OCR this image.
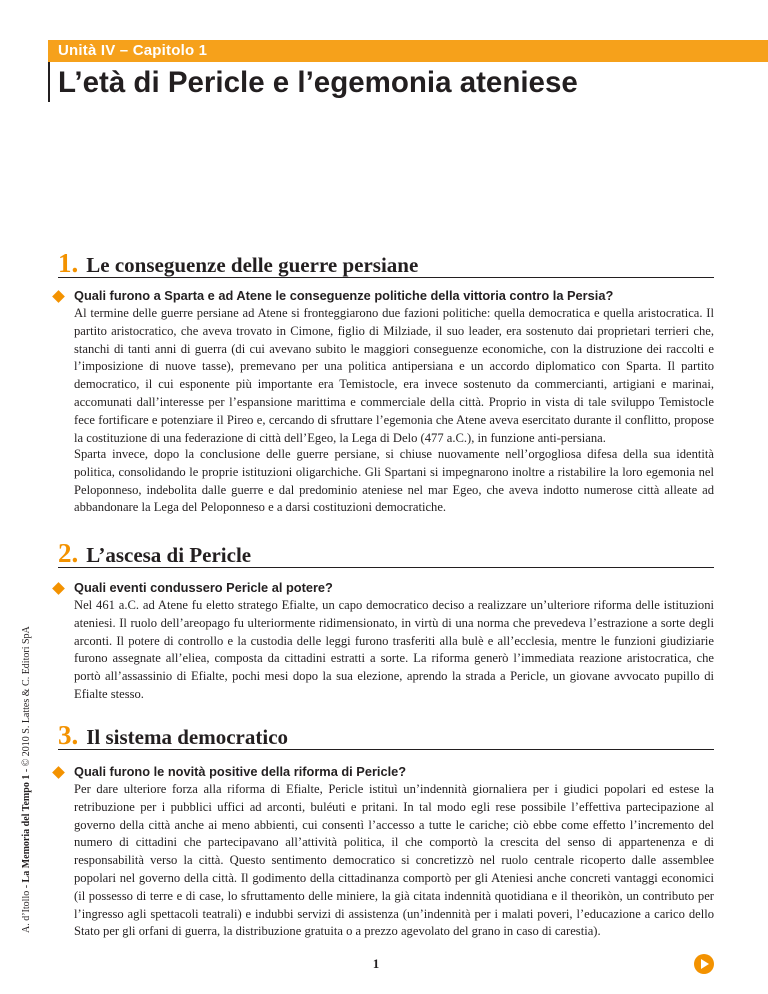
Unità IV – Capitolo 1
L’età di Pericle e l’egemonia ateniese
A. d’Itollo - La Memoria del Tempo 1 - © 2010 S. Lattes & C. Editori SpA
1. Le conseguenze delle guerre persiane
Quali furono a Sparta e ad Atene le conseguenze politiche della vittoria contro la Persia?

Al termine delle guerre persiane ad Atene si fronteggiarono due fazioni politiche: quella democratica e quella aristocratica. Il partito aristocratico, che aveva trovato in Cimone, figlio di Milziade, il suo leader, era sostenuto dai proprietari terrieri che, stanchi di tanti anni di guerra (di cui avevano subito le maggiori conseguenze economiche, con la distruzione dei raccolti e l’imposizione di nuove tasse), premevano per una politica antipersiana e un accordo diplomatico con Sparta. Il partito democratico, il cui esponente più importante era Temistocle, era invece sostenuto da commercianti, artigiani e marinai, accomunati dall’interesse per l’espansione marittima e commerciale della città. Proprio in vista di tale sviluppo Temistocle fece fortificare e potenziare il Pireo e, cercando di sfruttare l’egemonia che Atene aveva esercitato durante il conflitto, propose la costituzione di una federazione di città dell’Egeo, la Lega di Delo (477 a.C.), in funzione anti-persiana.

Sparta invece, dopo la conclusione delle guerre persiane, si chiuse nuovamente nell’orgogliosa difesa della sua identità politica, consolidando le proprie istituzioni oligarchiche. Gli Spartani si impegnarono inoltre a ristabilire la loro egemonia nel Peloponneso, indebolita dalle guerre e dal predominio ateniese nel mar Egeo, che aveva indotto numerose città alleate ad abbandonare la Lega del Peloponneso e a darsi costituzioni democratiche.

2. L’ascesa di Pericle
Quali eventi condussero Pericle al potere?

Nel 461 a.C. ad Atene fu eletto stratego Efialte, un capo democratico deciso a realizzare un’ulteriore riforma delle istituzioni ateniesi. Il ruolo dell’areopago fu ulteriormente ridimensionato, in virtù di una norma che prevedeva l’estrazione a sorte degli arconti. Il potere di controllo e la custodia delle leggi furono trasferiti alla bulè e all’ecclesia, mentre le funzioni giudiziarie furono assegnate all’eliea, composta da cittadini estratti a sorte. La riforma generò l’immediata reazione aristocratica, che portò all’assassinio di Efialte, pochi mesi dopo la sua elezione, aprendo la strada a Pericle, un giovane avvocato pupillo di Efialte stesso.

3. Il sistema democratico
Quali furono le novità positive della riforma di Pericle?

Per dare ulteriore forza alla riforma di Efialte, Pericle istituì un’indennità giornaliera per i giudici popolari ed estese la retribuzione per i pubblici uffici ad arconti, buléuti e pritani. In tal modo egli rese possibile l’effettiva partecipazione al governo della città anche ai meno abbienti, cui consentì l’accesso a tutte le cariche; ciò ebbe come effetto l’incremento del numero di cittadini che partecipavano all’attività politica, il che comportò la crescita del senso di appartenenza e di responsabilità verso la città. Questo sentimento democratico si concretizzò nel ruolo centrale ricoperto dalle assemblee popolari nel governo della città. Il godimento della cittadinanza comportò per gli Ateniesi anche concreti vantaggi economici (il possesso di terre e di case, lo sfruttamento delle miniere, la già citata indennità quotidiana e il theorikòn, un contributo per l’ingresso agli spettacoli teatrali) e indubbi servizi di assistenza (un’indennità per i malati poveri, l’educazione a carico dello Stato per gli orfani di guerra, la distribuzione gratuita o a prezzo agevolato del grano in caso di carestia).

1
